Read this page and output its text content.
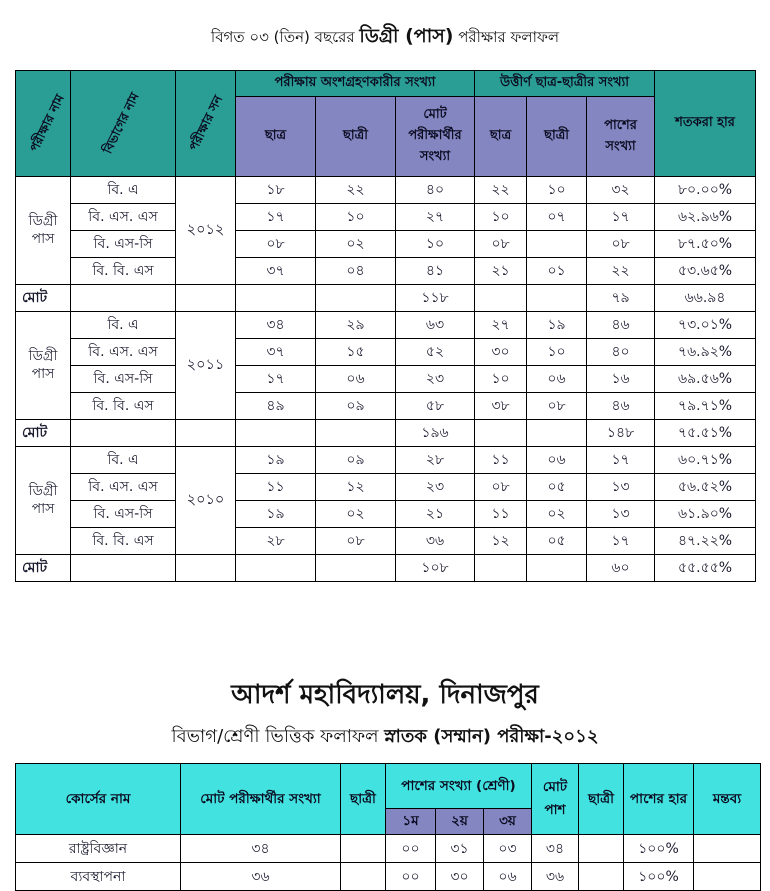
বিগত ০৩ (তিন) বছরের ডিগ্রী (পাস) পরীক্ষার ফলাফল
পরীক্ষার নাম	বিভাগের নাম	পরীক্ষার সন	পরীক্ষায় অংশগ্রহণকারীর সংখ্যা			উত্তীর্ণ ছাত্র-ছাত্রীর সংখ্যা			শতকরা হার
			ছাত্র	ছাত্রী	মোট পরীক্ষার্থীর সংখ্যা	ছাত্র	ছাত্রী	পাশের সংখ্যা	
ডিগ্রী পাস	বি. এ	২০১২	১৮	২২	৪০	২২	১০	৩২	৮০.০০%
	বি. এস. এস		১৭	১০	২৭	১০	০৭	১৭	৬২.৯৬%
	বি. এস-সি		০৮	০২	১০	০৮		০৮	৮৭.৫০%
	বি. বি. এস		৩৭	০৪	৪১	২১	০১	২২	৫৩.৬৫%
মোট					১১৮			৭৯	৬৬.৯৪
ডিগ্রী পাস	বি. এ	২০১১	৩৪	২৯	৬৩	২৭	১৯	৪৬	৭৩.০১%
	বি. এস. এস		৩৭	১৫	৫২	৩০	১০	৪০	৭৬.৯২%
	বি. এস-সি		১৭	০৬	২৩	১০	০৬	১৬	৬৯.৫৬%
	বি. বি. এস		৪৯	০৯	৫৮	৩৮	০৮	৪৬	৭৯.৭১%
মোট					১৯৬			১৪৮	৭৫.৫১%
ডিগ্রী পাস	বি. এ	২০১০	১৯	০৯	২৮	১১	০৬	১৭	৬০.৭১%
	বি. এস. এস		১১	১২	২৩	০৮	০৫	১৩	৫৬.৫২%
	বি. এস-সি		১৯	০২	২১	১১	০২	১৩	৬১.৯০%
	বি. বি. এস		২৮	০৮	৩৬	১২	০৫	১৭	৪৭.২২%
মোট					১০৮			৬০	৫৫.৫৫%
আদর্শ মহাবিদ্যালয়, দিনাজপুর
বিভাগ/শ্রেণী ভিত্তিক ফলাফল স্নাতক (সম্মান) পরীক্ষা-২০১২
কোর্সের নাম	মোট পরীক্ষার্থীর সংখ্যা	ছাত্রী	পাশের সংখ্যা (শ্রেণী)			মোট পাশ	ছাত্রী	পাশের হার	মন্তব্য
			১ম	২য়	৩য়				
রাষ্ট্রবিজ্ঞান	৩৪		০০	৩১	০৩	৩৪		১০০%	
ব্যবস্থাপনা	৩৬		০০	৩০	০৬	৩৬		১০০%	
